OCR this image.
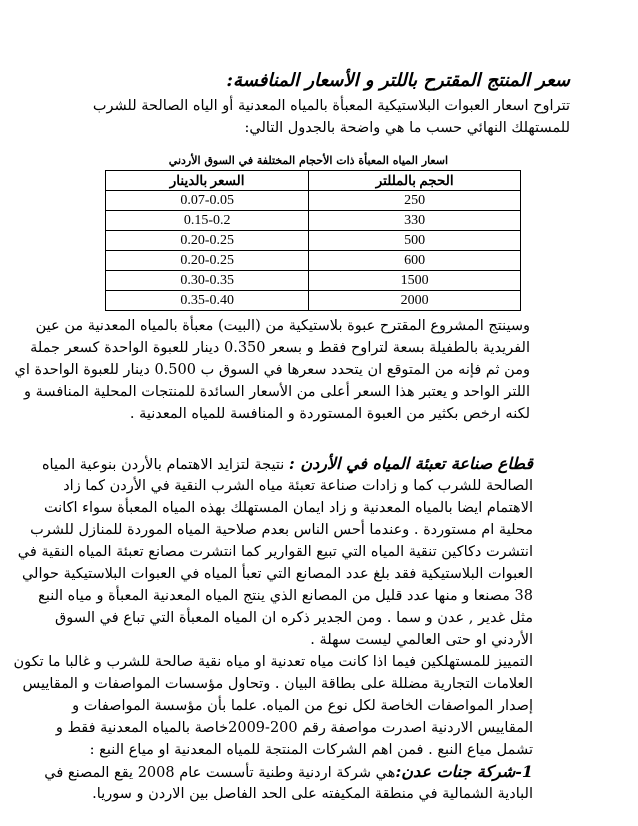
سعر المنتج المقترح باللتر و الأسعار المنافسة:
تتراوح اسعار العبوات البلاستيكية المعبأة بالمياه المعدنية أو الياه الصالحة للشرب
للمستهلك النهائي حسب ما هي واضحة بالجدول التالي:
اسعار المياه المعبأة ذات الأحجام المختلفة في السوق الأردني
الحجم بالمللتر	السعر بالدينار
250	0.07-0.05
330	0.15-0.2
500	0.20-0.25
600	0.20-0.25
1500	0.30-0.35
2000	0.35-0.40
وسينتج المشروع المقترح عبوة بلاستيكية من (البيت) معبأة بالمياه المعدنية من عين
الفريدية بالطفيلة بسعة لتراوح فقط و بسعر 0.350 دينار للعبوة الواحدة كسعر جملة
ومن ثم فإنه من المتوقع ان يتحدد سعرها في السوق ب 0.500 دينار للعبوة الواحدة اي
اللتر الواحد و يعتبر هذا السعر أعلى من الأسعار السائدة للمنتجات المحلية المنافسة و
لكنه ارخص بكثير من العبوة المستوردة و المنافسة للمياه المعدنية .
قطاع صناعة تعبئة المياه في الأردن : نتيجة لتزايد الاهتمام بالأردن بنوعية المياه
الصالحة للشرب كما و زادات صناعة تعبئة مياه الشرب النقية في الأردن كما زاد
الاهتمام ايضا بالمياه المعدنية و زاد ايمان المستهلك بهذه المياه المعبأة سواء اكانت
محلية ام مستوردة . وعندما أحس الناس بعدم صلاحية المياه الموردة للمنازل للشرب
انتشرت دكاكين تنقية المياه التي تبيع القوارير كما انتشرت مصانع تعبئة المياه النقية في
العبوات البلاستيكية فقد بلغ عدد المصانع التي تعبأ المياه في العبوات البلاستيكية حوالي
38 مصنعا و منها عدد قليل من المصانع الذي ينتج المياه المعدنية المعبأة و مياه النبع
مثل غدير , عدن و سما . ومن الجدير ذكره ان المياه المعبأة التي تباع في السوق
الأردني او حتى العالمي ليست سهلة .
التمييز للمستهلكين فيما اذا كانت مياه تعدنية او مياه نقية صالحة للشرب و غالبا ما تكون
العلامات التجارية مضللة على بطاقة البيان . وتحاول مؤسسات المواصفات و المقاييس
إصدار المواصفات الخاصة لكل نوع من المياه. علما بأن مؤسسة المواصفات و
المقاييس الاردنية اصدرت مواصفة رقم 200-2009خاصة بالمياه المعدنية فقط و
تشمل مياع النبع . فمن اهم الشركات المنتجة للمياه المعدنية او مياع النبع :
1-شركة جنات عدن:هي شركة اردنية وطنية تأسست عام 2008 يقع المصنع في
البادية الشمالية في منطقة المكيفته على الحد الفاصل بين الاردن و سوريا.
